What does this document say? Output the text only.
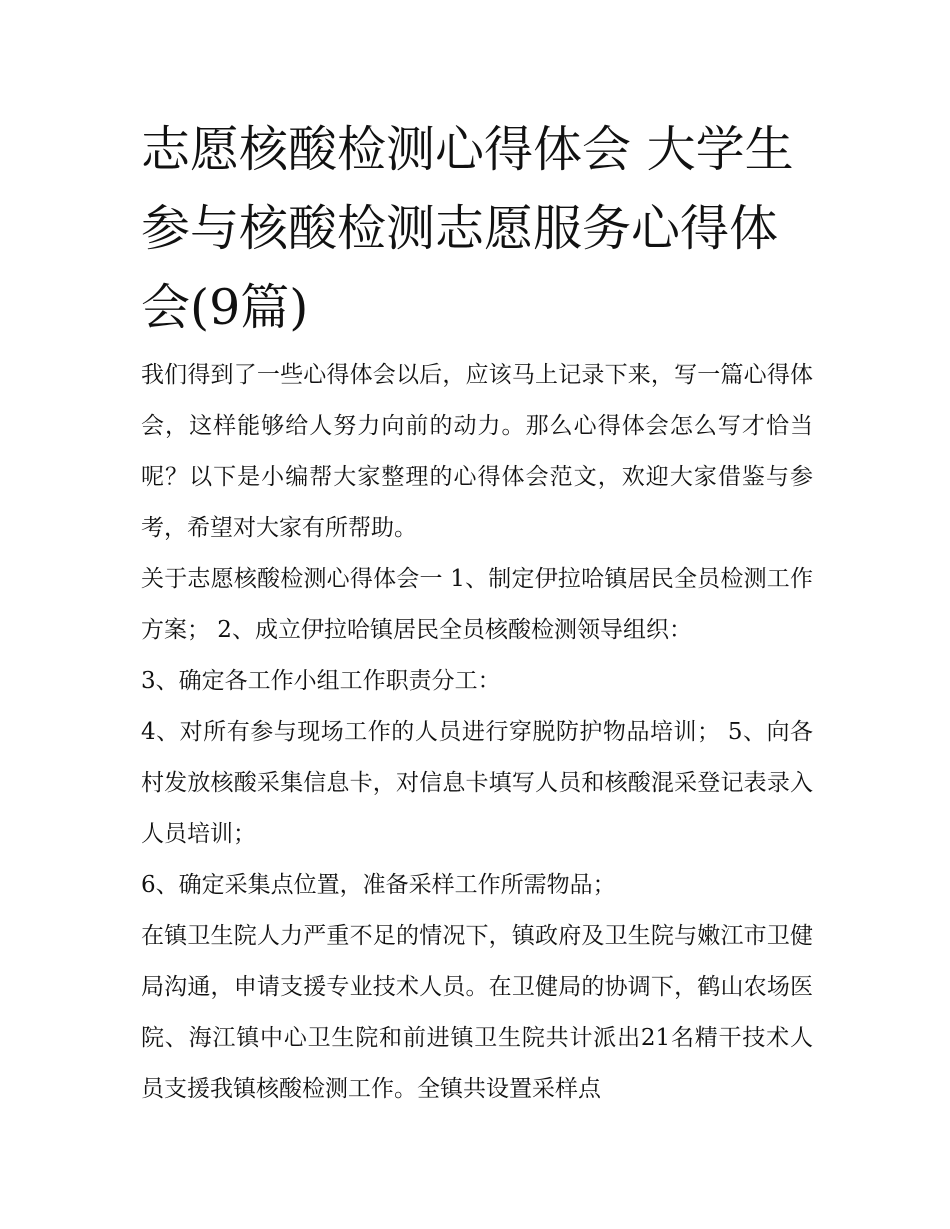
志愿核酸检测心得体会 大学生参与核酸检测志愿服务心得体会(9篇)

我们得到了一些心得体会以后，应该马上记录下来，写一篇心得体会，这样能够给人努力向前的动力。那么心得体会怎么写才恰当呢？以下是小编帮大家整理的心得体会范文，欢迎大家借鉴与参考，希望对大家有所帮助。

关于志愿核酸检测心得体会一 1、制定伊拉哈镇居民全员检测工作方案； 2、成立伊拉哈镇居民全员核酸检测领导组织：

3、确定各工作小组工作职责分工：

4、对所有参与现场工作的人员进行穿脱防护物品培训； 5、向各村发放核酸采集信息卡，对信息卡填写人员和核酸混采登记表录入人员培训；

6、确定采集点位置，准备采样工作所需物品；

在镇卫生院人力严重不足的情况下，镇政府及卫生院与嫩江市卫健局沟通，申请支援专业技术人员。在卫健局的协调下，鹤山农场医院、海江镇中心卫生院和前进镇卫生院共计派出21名精干技术人员支援我镇核酸检测工作。全镇共设置采样点
